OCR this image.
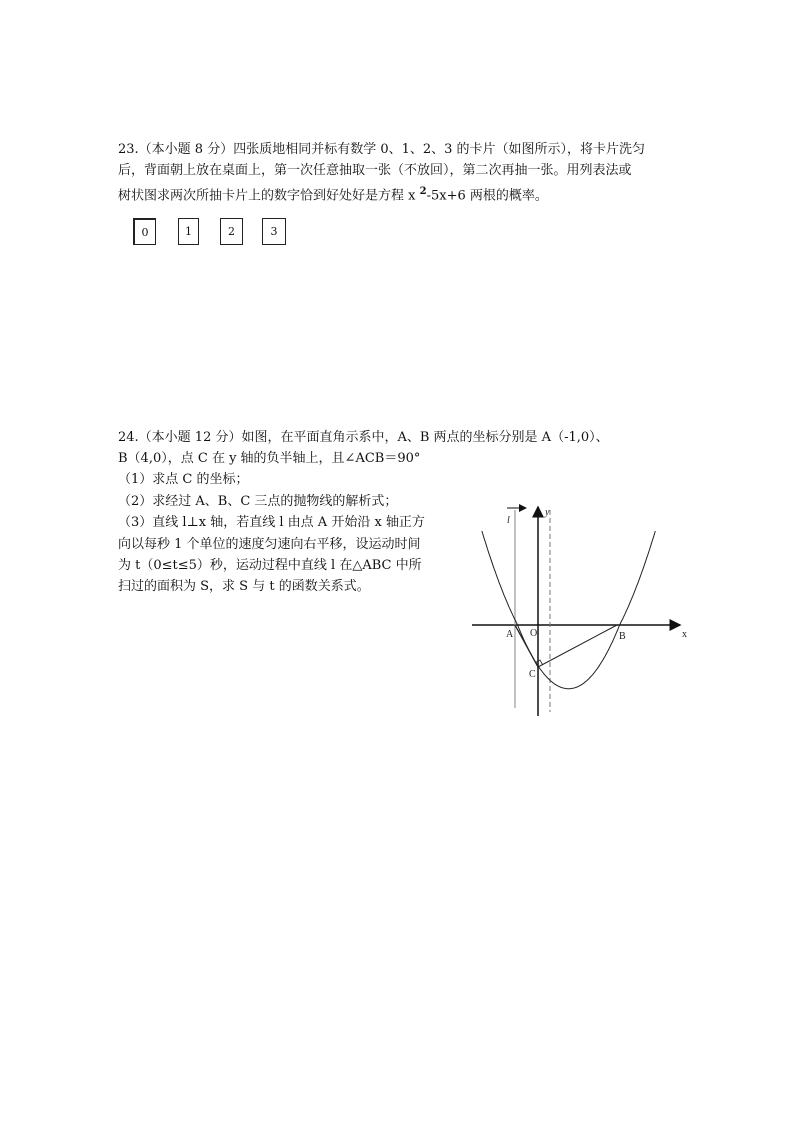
23.（本小题 8 分）四张质地相同并标有数学 0、1、2、3 的卡片（如图所示），将卡片洗匀
后，背面朝上放在桌面上，第一次任意抽取一张（不放回），第二次再抽一张。用列表法或
树状图求两次所抽卡片上的数字恰到好处好是方程 x $^2$-5x+6 两根的概率。
0	1	2	3
24.（本小题 12 分）如图，在平面直角示系中，A、B 两点的坐标分别是 A（-1,0）、
B（4,0），点 C 在 y 轴的负半轴上，且∠ACB＝90°
（1）求点 C 的坐标；
（2）求经过 A、B、C 三点的抛物线的解析式；
（3）直线 l⊥x 轴，若直线 l 由点 A 开始沿 x 轴正方
向以每秒 1 个单位的速度匀速向右平移，设运动时间
为 t（0≤t≤5）秒，运动过程中直线 l 在△ABC 中所
扫过的面积为 S，求 S 与 t 的函数关系式。
l
y
x
A O	B
C
